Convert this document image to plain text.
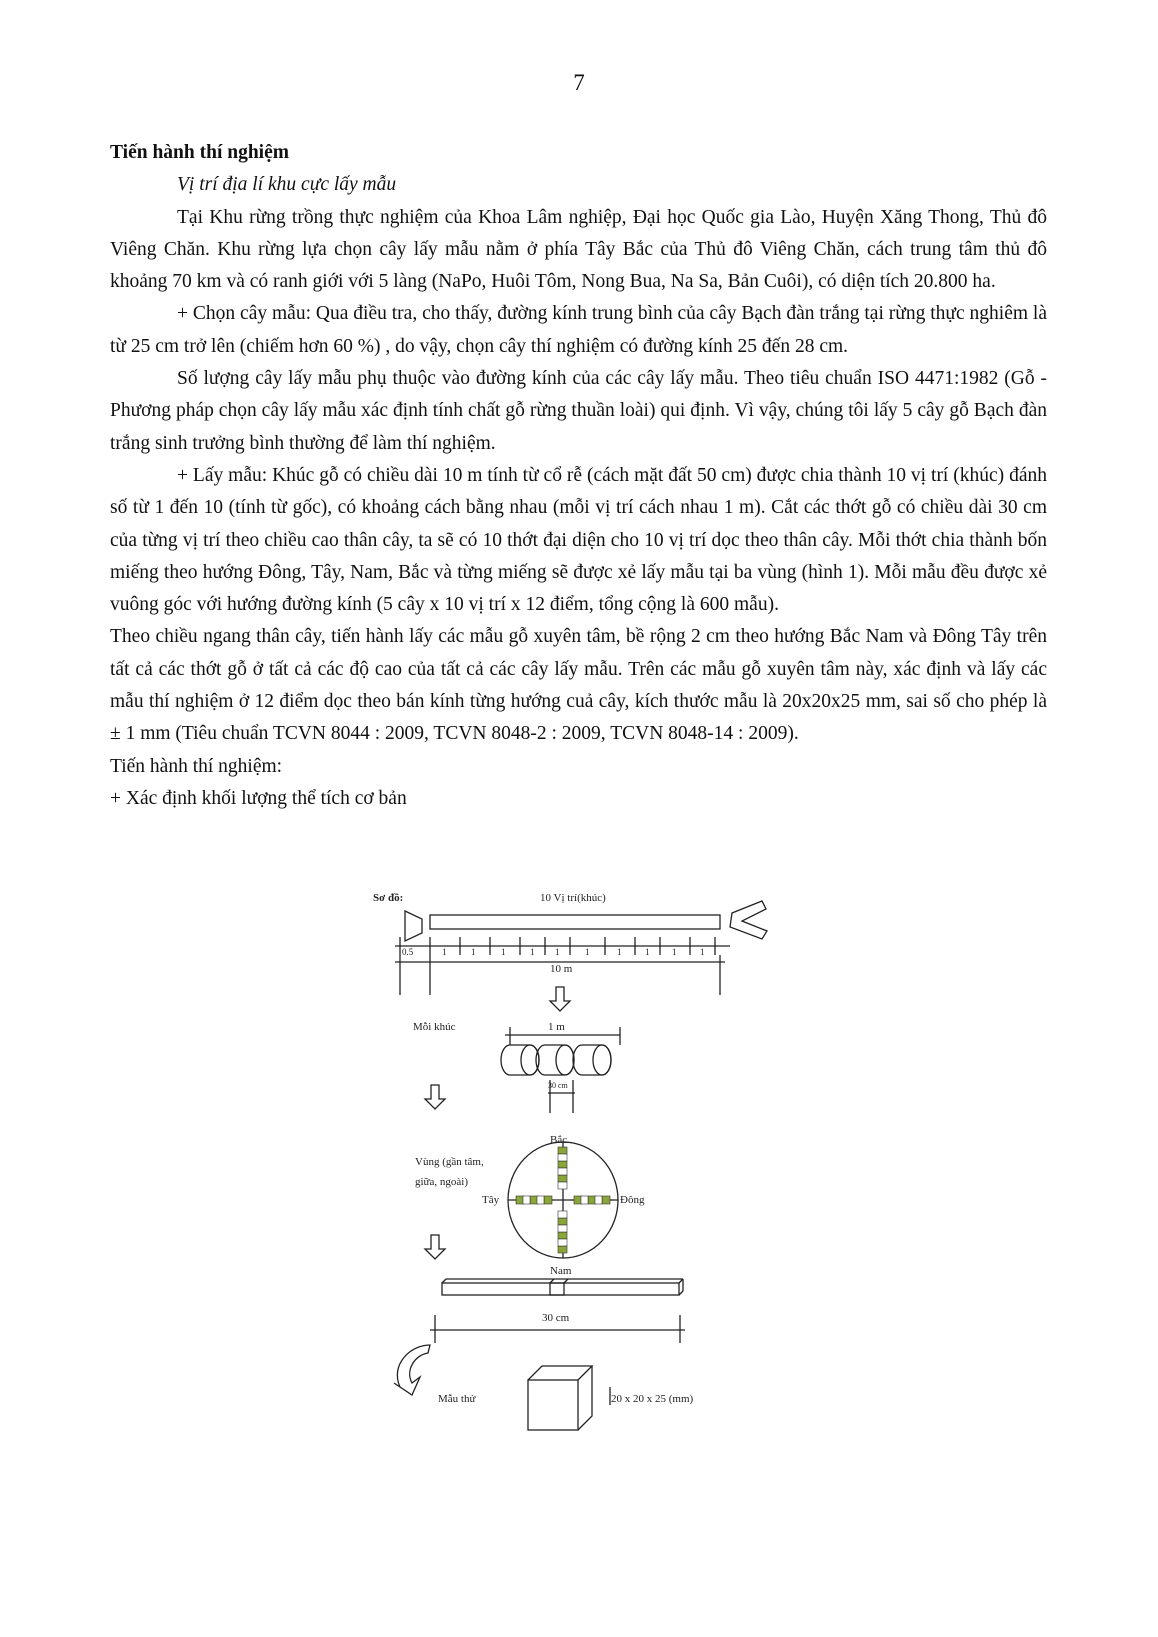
7

Tiến hành thí nghiệm

Vị trí địa lí khu cực lấy mẫu

Tại Khu rừng trồng thực nghiệm của Khoa Lâm nghiệp, Đại học Quốc gia Lào, Huyện Xăng Thong, Thủ đô Viêng Chăn. Khu rừng lựa chọn cây lấy mẫu nằm ở phía Tây Bắc của Thủ đô Viêng Chăn, cách trung tâm thủ đô khoảng 70 km và có ranh giới với 5 làng (NaPo, Huôi Tôm, Nong Bua, Na Sa, Bản Cuôi), có diện tích 20.800 ha.

+ Chọn cây mẫu: Qua điều tra, cho thấy, đường kính trung bình của cây Bạch đàn trắng tại rừng thực nghiêm là từ 25 cm trở lên (chiếm hơn 60 %) , do vậy, chọn cây thí nghiệm có đường kính 25 đến 28 cm.

Số lượng cây lấy mẫu phụ thuộc vào đường kính của các cây lấy mẫu. Theo tiêu chuẩn ISO 4471:1982 (Gỗ - Phương pháp chọn cây lấy mẫu xác định tính chất gỗ rừng thuần loài) qui định. Vì vậy, chúng tôi lấy 5 cây gỗ Bạch đàn trắng sinh trưởng bình thường để làm thí nghiệm.

+ Lấy mẫu: Khúc gỗ có chiều dài 10 m tính từ cổ rễ (cách mặt đất 50 cm) được chia thành 10 vị trí (khúc) đánh số từ 1 đến 10 (tính từ gốc), có khoảng cách bằng nhau (mỗi vị trí cách nhau 1 m). Cắt các thớt gỗ có chiều dài 30 cm của từng vị trí theo chiều cao thân cây, ta sẽ có 10 thớt đại diện cho 10 vị trí dọc theo thân cây. Mỗi thớt chia thành bốn miếng theo hướng Đông, Tây, Nam, Bắc và từng miếng sẽ được xẻ lấy mẫu tại ba vùng (hình 1). Mỗi mẫu đều được xẻ vuông góc với hướng đường kính (5 cây x 10 vị trí x 12 điểm, tổng cộng là 600 mẫu).

Theo chiều ngang thân cây, tiến hành lấy các mẫu gỗ xuyên tâm, bề rộng 2 cm theo hướng Bắc Nam và Đông Tây trên tất cả các thớt gỗ ở tất cả các độ cao của tất cả các cây lấy mẫu. Trên các mẫu gỗ xuyên tâm này, xác định và lấy các mẫu thí nghiệm ở 12 điểm dọc theo bán kính từng hướng cuả cây, kích thước mẫu là 20x20x25 mm, sai số cho phép là ± 1 mm (Tiêu chuẩn TCVN 8044 : 2009, TCVN 8048-2 : 2009, TCVN 8048-14 : 2009).

Tiến hành thí nghiệm:

+ Xác định khối lượng thể tích cơ bản

Sơ đồ:	10 Vị trí(khúc)
0.5	1	1	1	1 1	1	1	1	1	1
10 m
Mỗi khúc	1 m
30 cm
Bắc
Vùng (gần tâm,
giữa, ngoài)
Tây	Đông
Nam
30 cm
Mẫu thử	20 x 20 x 25 (mm)
